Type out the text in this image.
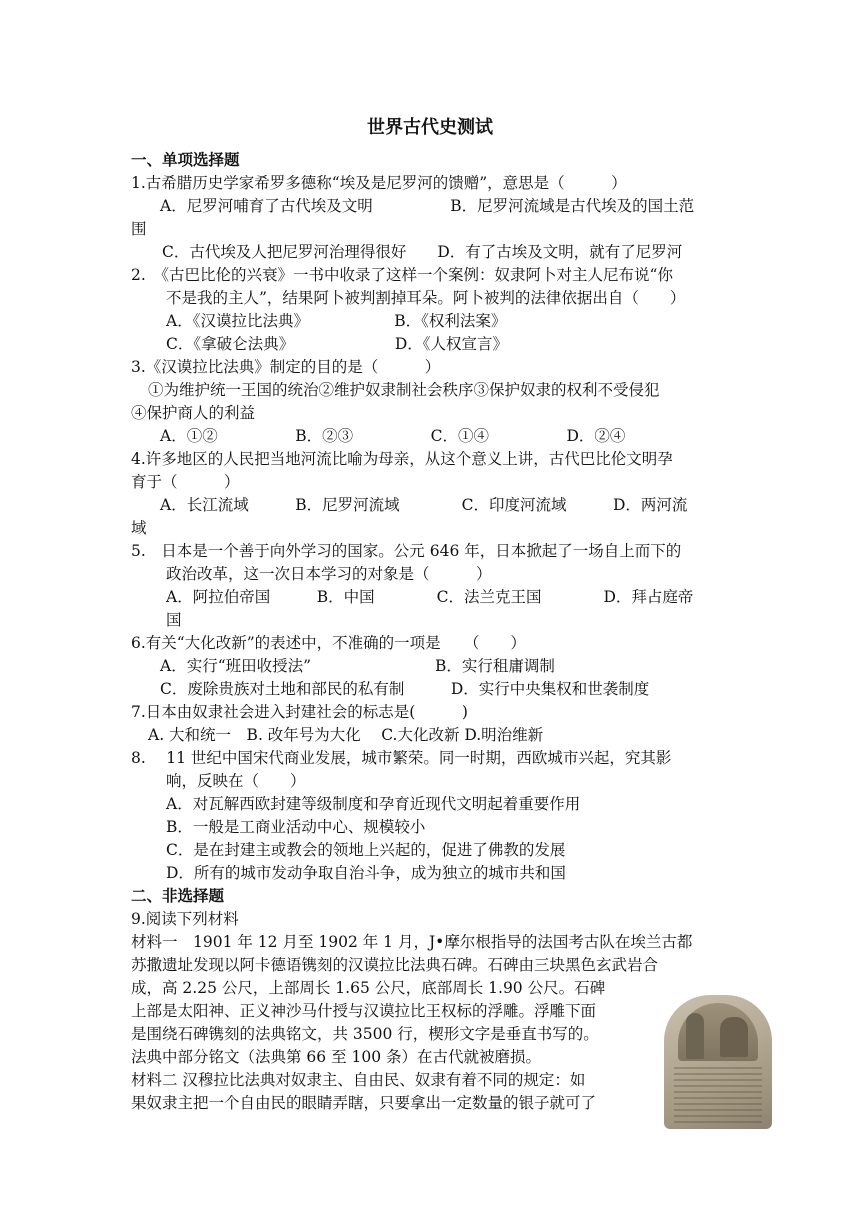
世界古代史测试
一、单项选择题
1.古希腊历史学家希罗多德称“埃及是尼罗河的馈赠”，意思是（　　　）
A．尼罗河哺育了古代埃及文明　　　　　B．尼罗河流域是古代埃及的国土范
围
C．古代埃及人把尼罗河治理得很好　　D．有了古埃及文明，就有了尼罗河
2.　《古巴比伦的兴衰》一书中收录了这样一个案例：奴隶阿卜对主人尼布说“你
不是我的主人”，结果阿卜被判割掉耳朵。阿卜被判的法律依据出自（　　）
A．《汉谟拉比法典》　　　　　　B．《权利法案》
C．《拿破仑法典》　　　　　　　D．《人权宣言》
3.《汉谟拉比法典》制定的目的是（　　　）
①为维护统一王国的统治②维护奴隶制社会秩序③保护奴隶的权利不受侵犯
④保护商人的利益
A．①②　　　　　B．②③　　　　　C．①④　　　　　D．②④
4.许多地区的人民把当地河流比喻为母亲，从这个意义上讲，古代巴比伦文明孕
育于（　　　）
A．长江流域　　　B．尼罗河流域　　　　C．印度河流域　　　D．两河流
域
5.　日本是一个善于向外学习的国家。公元 646 年，日本掀起了一场自上而下的
政治改革，这一次日本学习的对象是（　　　）
A．阿拉伯帝国　　　B．中国　　　　C．法兰克王国　　　　D．拜占庭帝
国
6.有关“大化改新”的表述中，不准确的一项是　　（　　）
A．实行“班田收授法”　　　　　　　　B．实行租庸调制
C．废除贵族对土地和部民的私有制　　　D．实行中央集权和世袭制度
7.日本由奴隶社会进入封建社会的标志是(　　　)
A. 大和统一　B. 改年号为大化　 C.大化改新 D.明治维新
8.　 11 世纪中国宋代商业发展，城市繁荣。同一时期，西欧城市兴起，究其影
响，反映在（　　）
A．对瓦解西欧封建等级制度和孕育近现代文明起着重要作用
B．一般是工商业活动中心、规模较小
C．是在封建主或教会的领地上兴起的，促进了佛教的发展
D．所有的城市发动争取自治斗争，成为独立的城市共和国
二、非选择题
9.阅读下列材料
材料一　1901 年 12 月至 1902 年 1 月，J•摩尔根指导的法国考古队在埃兰古都
苏撒遗址发现以阿卡德语镌刻的汉谟拉比法典石碑。石碑由三块黑色玄武岩合
成，高 2.25 公尺，上部周长 1.65 公尺，底部周长 1.90 公尺。石碑
上部是太阳神、正义神沙马什授与汉谟拉比王权标的浮雕。浮雕下面
是围绕石碑镌刻的法典铭文，共 3500 行，楔形文字是垂直书写的。
法典中部分铭文（法典第 66 至 100 条）在古代就被磨损。
材料二 汉穆拉比法典对奴隶主、自由民、奴隶有着不同的规定：如
果奴隶主把一个自由民的眼睛弄瞎，只要拿出一定数量的银子就可了
